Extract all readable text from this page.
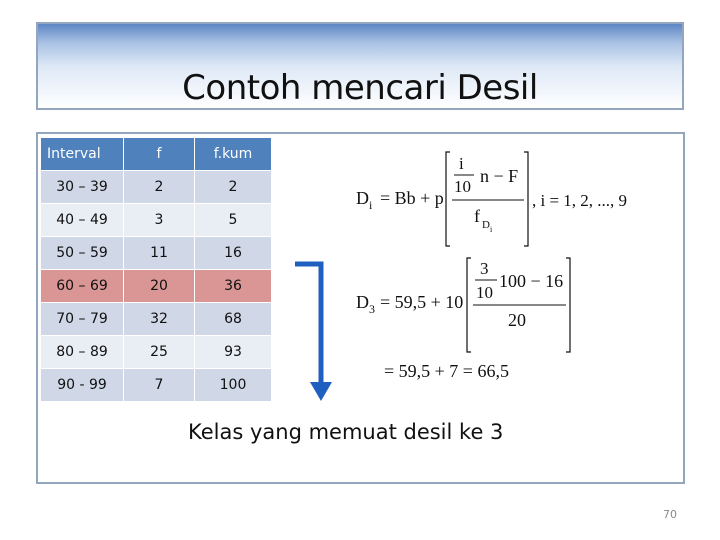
Contoh mencari Desil
Interval	f	f.kum
30 – 39	2	2
40 – 49	3	5
50 – 59	11	16
60 – 69	20	36
70 – 79	32	68
80 – 89	25	93
90 - 99	7	100
D i = Bb + p
i
10
n − F
f D i
, i = 1, 2, ..., 9
D 3 = 59,5 + 10
3
10
100 − 16
20
= 59,5 + 7 = 66,5
Kelas yang memuat desil ke 3
70
